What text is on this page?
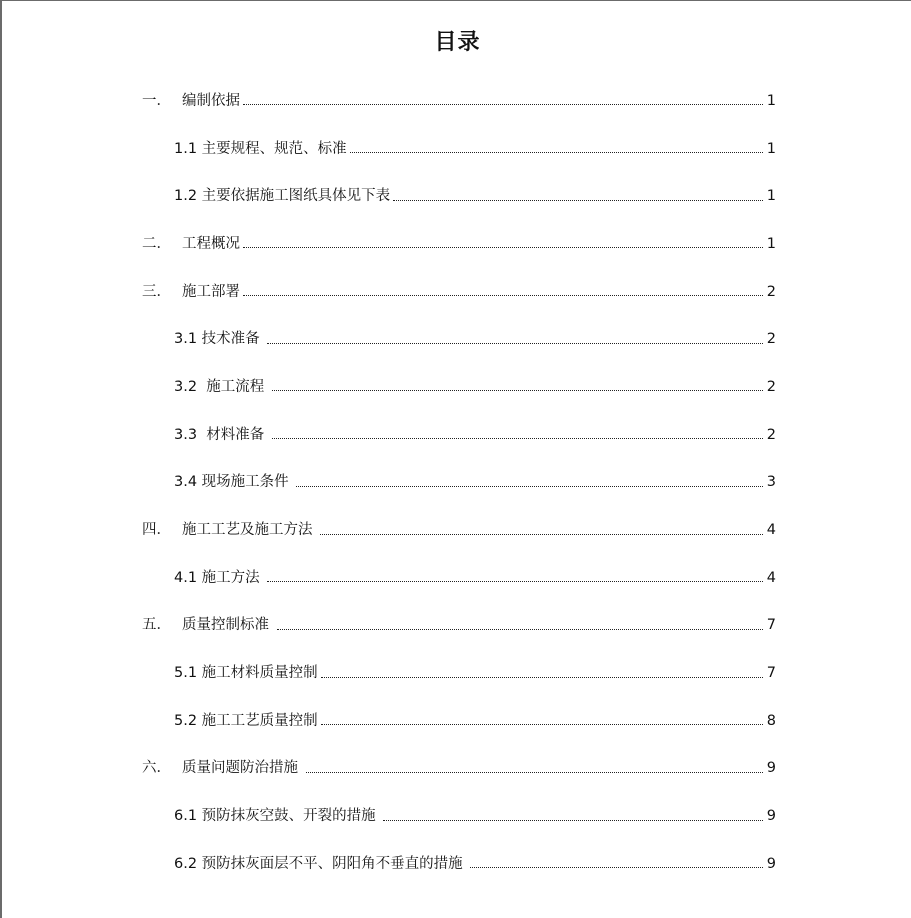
目录
一． 编制依据	1
1.1 主要规程、规范、标准	1
1.2 主要依据施工图纸具体见下表	1
二． 工程概况	1
三． 施工部署	2
3.1 技术准备	2
3.2 施工流程	2
3.3 材料准备	2
3.4 现场施工条件	3
四． 施工工艺及施工方法	4
4.1 施工方法	4
五． 质量控制标准	7
5.1 施工材料质量控制	7
5.2 施工工艺质量控制	8
六． 质量问题防治措施	9
6.1 预防抹灰空鼓、开裂的措施	9
6.2 预防抹灰面层不平、阴阳角不垂直的措施	9
